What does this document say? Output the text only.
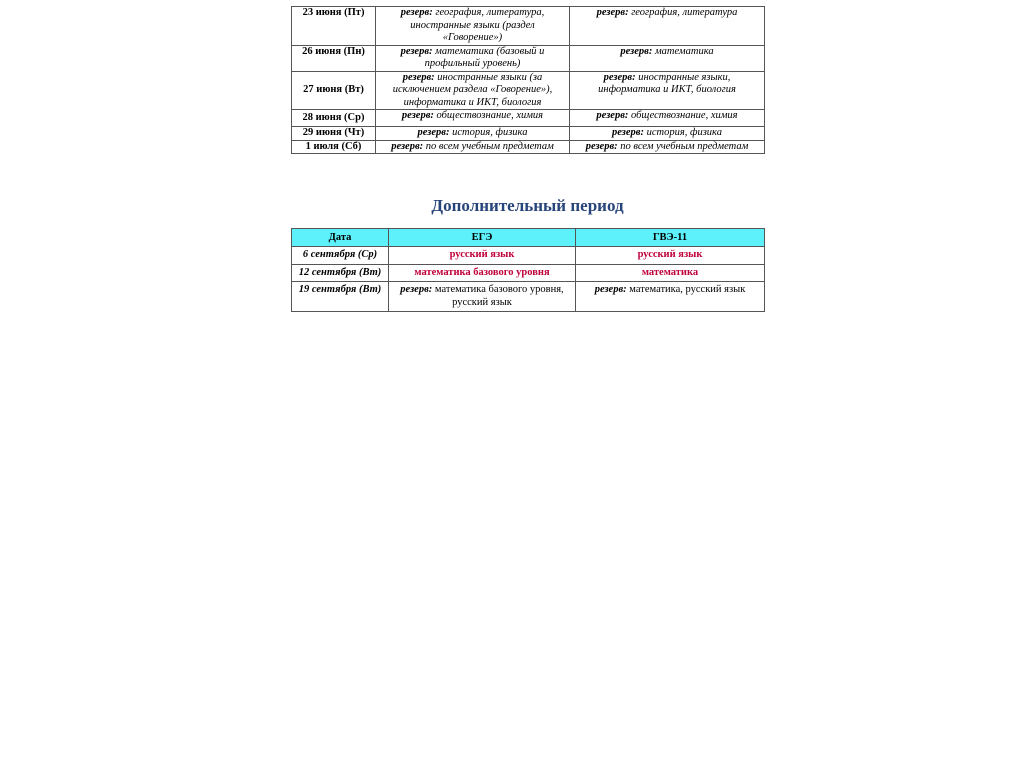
23 июня (Пт)	резерв: география, литература, иностранные языки (раздел «Говорение»)	резерв: география, литература
26 июня (Пн)	резерв: математика (базовый и профильный уровень)	резерв: математика
27 июня (Вт)	резерв: иностранные языки (за исключением раздела «Говорение»), информатика и ИКТ, биология	резерв: иностранные языки, информатика и ИКТ, биология
28 июня (Ср)	резерв: обществознание, химия	резерв: обществознание, химия
29 июня (Чт)	резерв: история, физика	резерв: история, физика
1 июля (Сб)	резерв: по всем учебным предметам	резерв: по всем учебным предметам
Дополнительный период
Дата	ЕГЭ	ГВЭ-11
6 сентября (Ср)	русский язык	русский язык
12 сентября (Вт)	математика базового уровня	математика
19 сентября (Вт)	резерв: математика базового уровня, русский язык	резерв: математика, русский язык
